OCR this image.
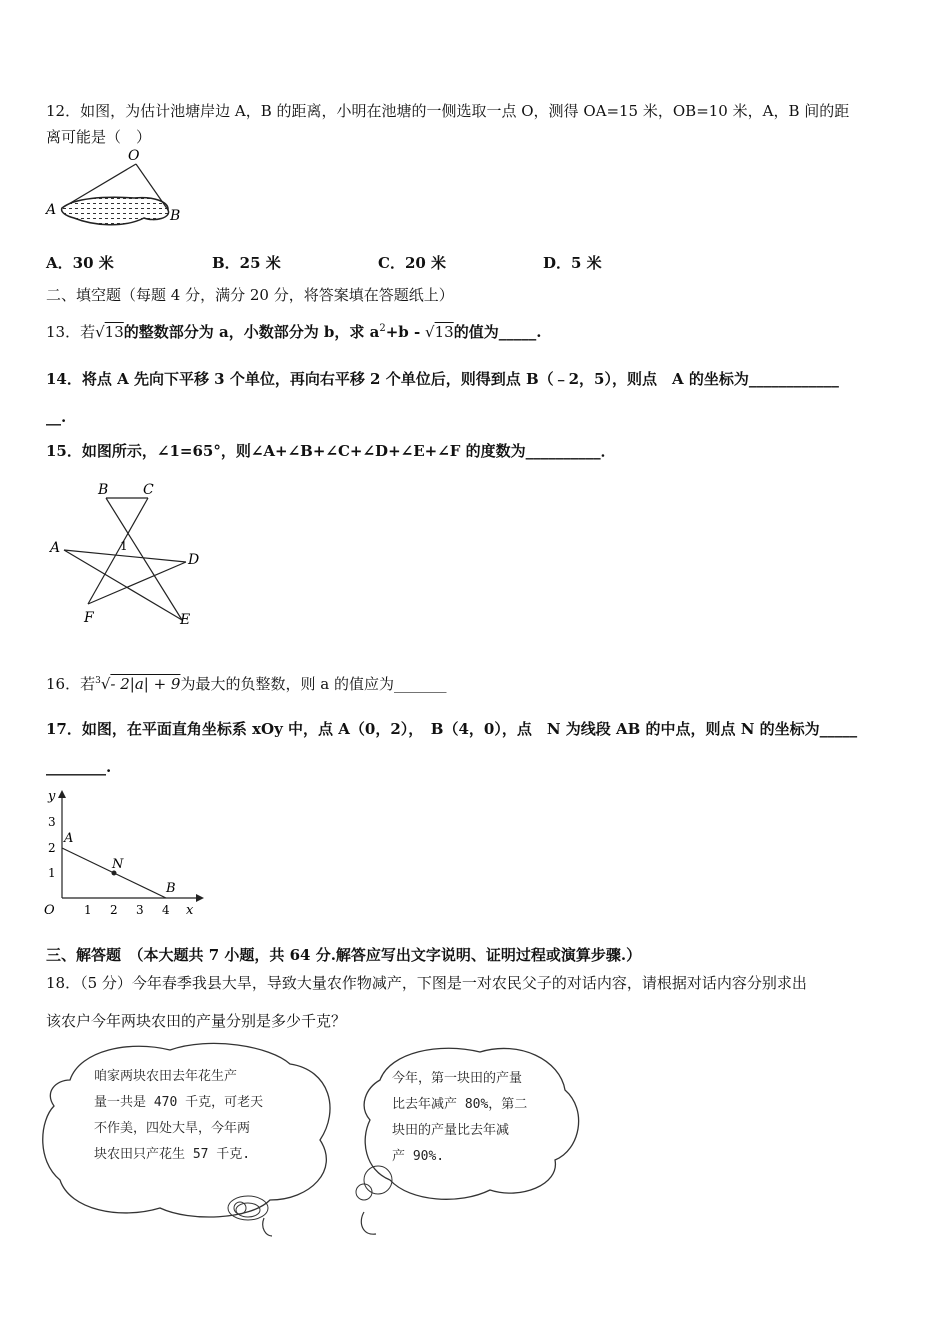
12．如图，为估计池塘岸边 A，B 的距离，小明在池塘的一侧选取一点 O，测得 OA=15 米，OB=10 米，A，B 间的距
离可能是（　）
O
A	B
A．30 米	B．25 米	C．20 米	D．5 米
二、填空题（每题 4 分，满分 20 分，将答案填在答题纸上）
13．若√13的整数部分为 a，小数部分为 b，求 $a^2+b - √13$的值为_____.
14．将点 A 先向下平移 3 个单位，再向右平移 2 个单位后，则得到点 B（﹣2，5），则点　A 的坐标为____________
__.
15．如图所示，∠1=65°，则∠A+∠B+∠C+∠D+∠E+∠F 的度数为__________．
B C
A	1
D
F	E
16．若$^3$√- 2|a| + 9为最大的负整数，则 a 的值应为_______
17．如图，在平面直角坐标系 xOy 中，点 A（0，2），　B（4，0），点　N 为线段 AB 的中点，则点 N 的坐标为_____
________.
y
x
O
A
N
B
1
2
3
1 2 3 4
三、解答题　（本大题共 7 小题，共 64 分.解答应写出文字说明、证明过程或演算步骤.）
18．（5 分）今年春季我县大旱，导致大量农作物减产，下图是一对农民父子的对话内容，请根据对话内容分别求出
该农户今年两块农田的产量分别是多少千克？
咱家两块农田去年花生产
量一共是 470 千克，可老天
不作美，四处大旱，今年两
块农田只产花生 57 千克.
今年，第一块田的产量
比去年减产 80%，第二
块田的产量比去年减
产 90%.
